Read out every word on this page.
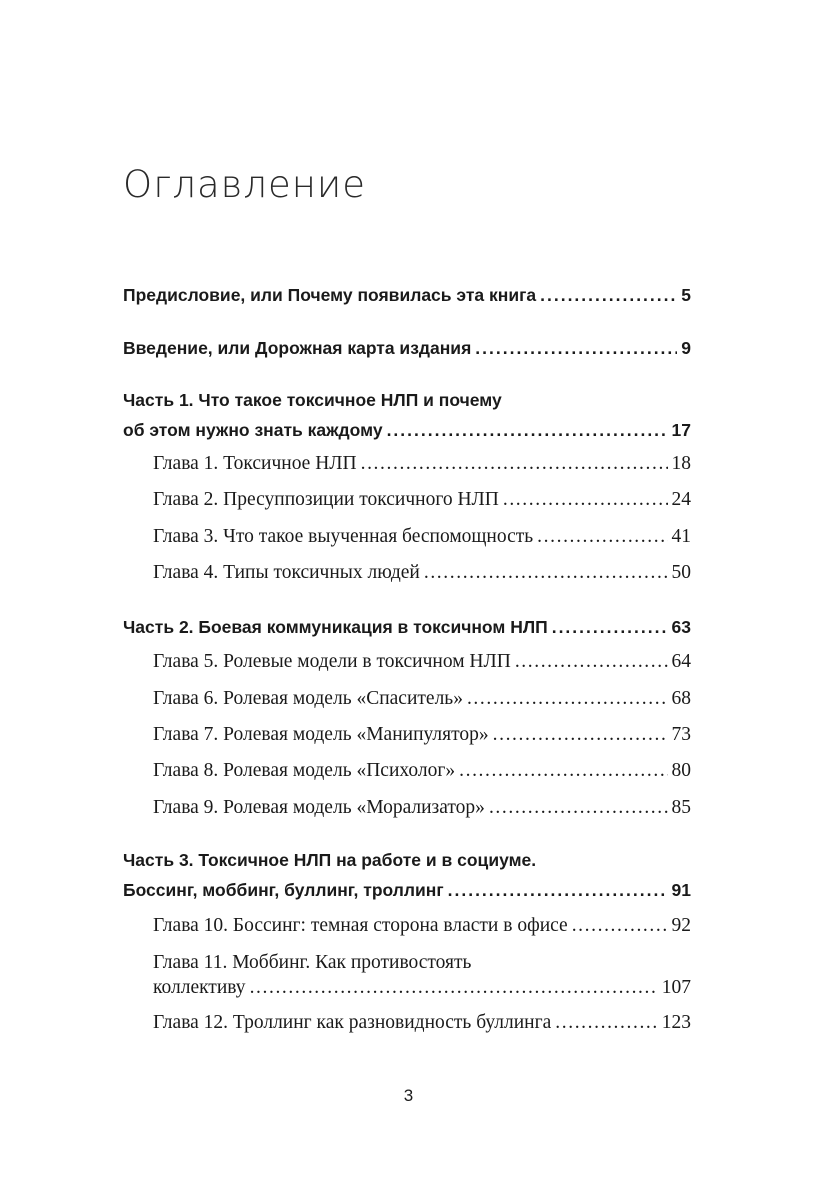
Оглавление
Предисловие, или Почему появилась эта книга .....	5
Введение, или Дорожная карта издания .....	9
Часть 1. Что такое токсичное НЛП и почему
об этом нужно знать каждому .....	17
Глава 1. Токсичное НЛП .....	18
Глава 2. Пресуппозиции токсичного НЛП .....	24
Глава 3. Что такое выученная беспомощность .....	41
Глава 4. Типы токсичных людей .....	50
Часть 2. Боевая коммуникация в токсичном НЛП .....	63
Глава 5. Ролевые модели в токсичном НЛП .....	64
Глава 6. Ролевая модель «Спаситель» .....	68
Глава 7. Ролевая модель «Манипулятор» .....	73
Глава 8. Ролевая модель «Психолог» .....	80
Глава 9. Ролевая модель «Морализатор» .....	85
Часть 3. Токсичное НЛП на работе и в социуме.
Боссинг, моббинг, буллинг, троллинг .....	91
Глава 10. Боссинг: темная сторона власти в офисе .....	92
Глава 11. Моббинг. Как противостоять
коллективу .....	107
Глава 12. Троллинг как разновидность буллинга .....	123
3
